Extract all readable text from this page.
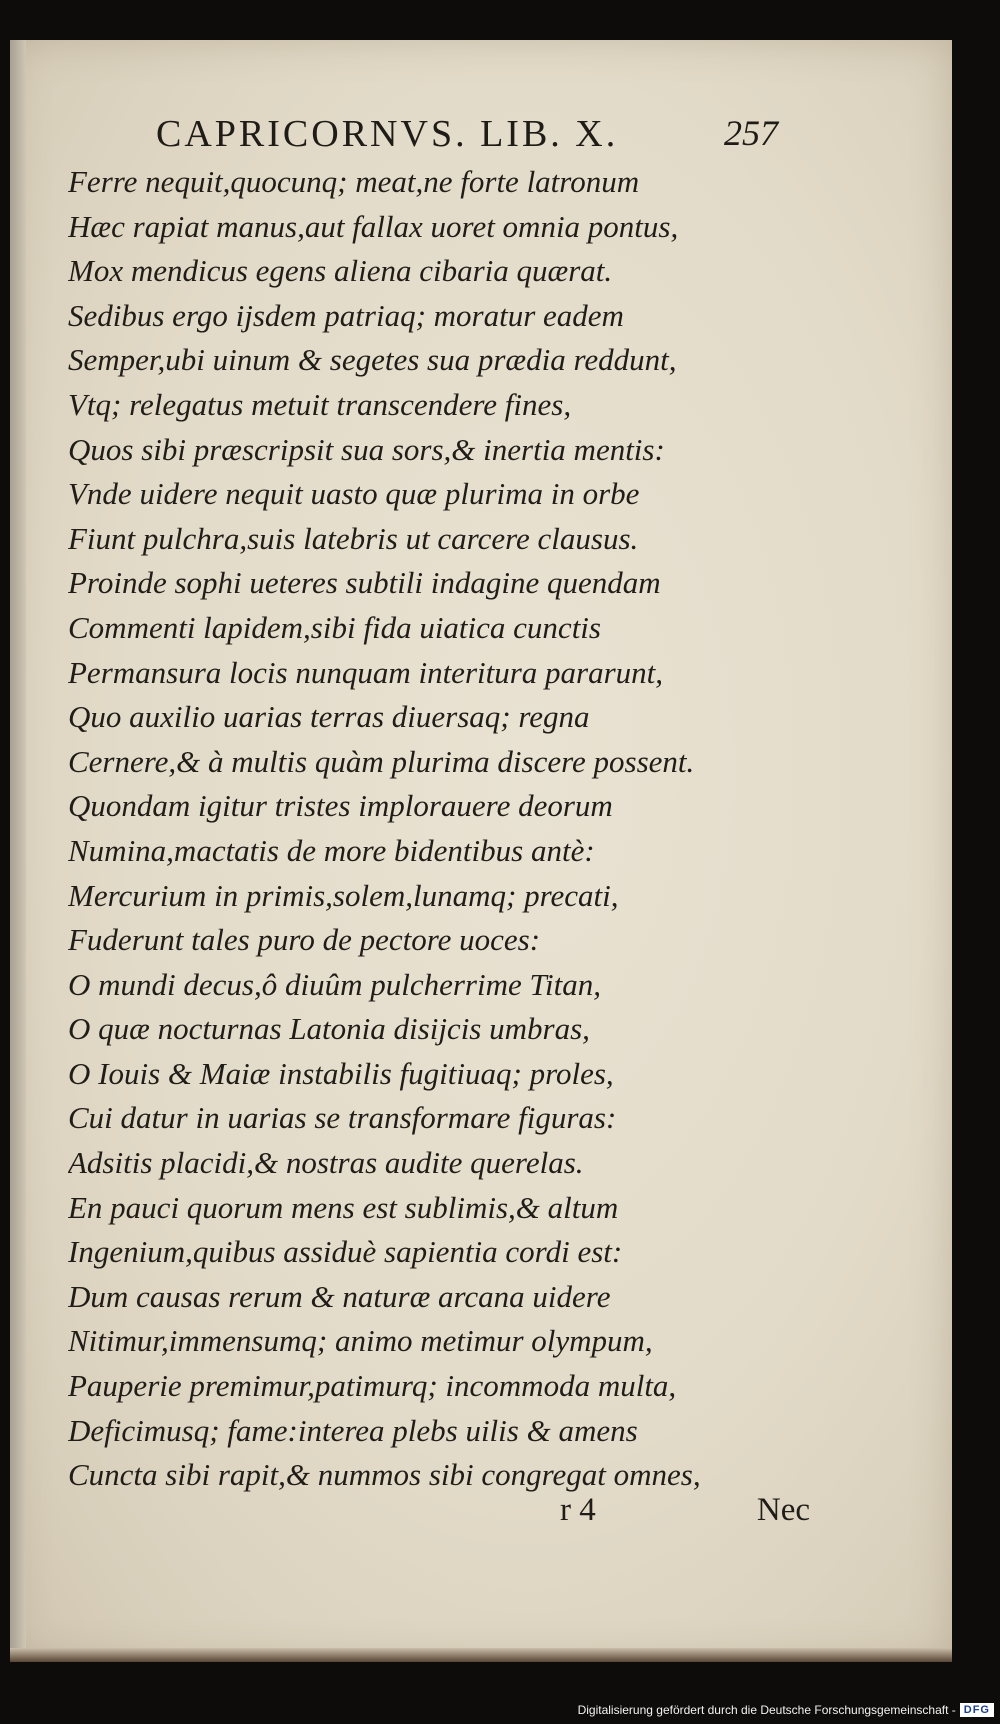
CAPRICORNVS. LIB. X.	257
Ferre nequit,quocunq; meat,ne forte latronum
Hæc rapiat manus,aut fallax uoret omnia pontus,
Mox mendicus egens aliena cibaria quærat.
Sedibus ergo ijsdem patriaq; moratur eadem
Semper,ubi uinum & segetes sua prædia reddunt,
Vtq; relegatus metuit transcendere fines,
Quos sibi præscripsit sua sors,& inertia mentis:
Vnde uidere nequit uasto quæ plurima in orbe
Fiunt pulchra,suis latebris ut carcere clausus.
Proinde sophi ueteres subtili indagine quendam
Commenti lapidem,sibi fida uiatica cunctis
Permansura locis nunquam interitura pararunt,
Quo auxilio uarias terras diuersaq; regna
Cernere,& à multis quàm plurima discere possent.
Quondam igitur tristes implorauere deorum
Numina,mactatis de more bidentibus antè:
Mercurium in primis,solem,lunamq; precati,
Fuderunt tales puro de pectore uoces:
O mundi decus,ô diuûm pulcherrime Titan,
O quæ nocturnas Latonia disijcis umbras,
O Iouis & Maiæ instabilis fugitiuaq; proles,
Cui datur in uarias se transformare figuras:
Adsitis placidi,& nostras audite querelas.
En pauci quorum mens est sublimis,& altum
Ingenium,quibus assiduè sapientia cordi est:
Dum causas rerum & naturæ arcana uidere
Nitimur,immensumq; animo metimur olympum,
Pauperie premimur,patimurq; incommoda multa,
Deficimusq; fame:interea plebs uilis & amens
Cuncta sibi rapit,& nummos sibi congregat omnes,
r 4	Nec
Digitalisierung gefördert durch die Deutsche Forschungsgemeinschaft - DFG
